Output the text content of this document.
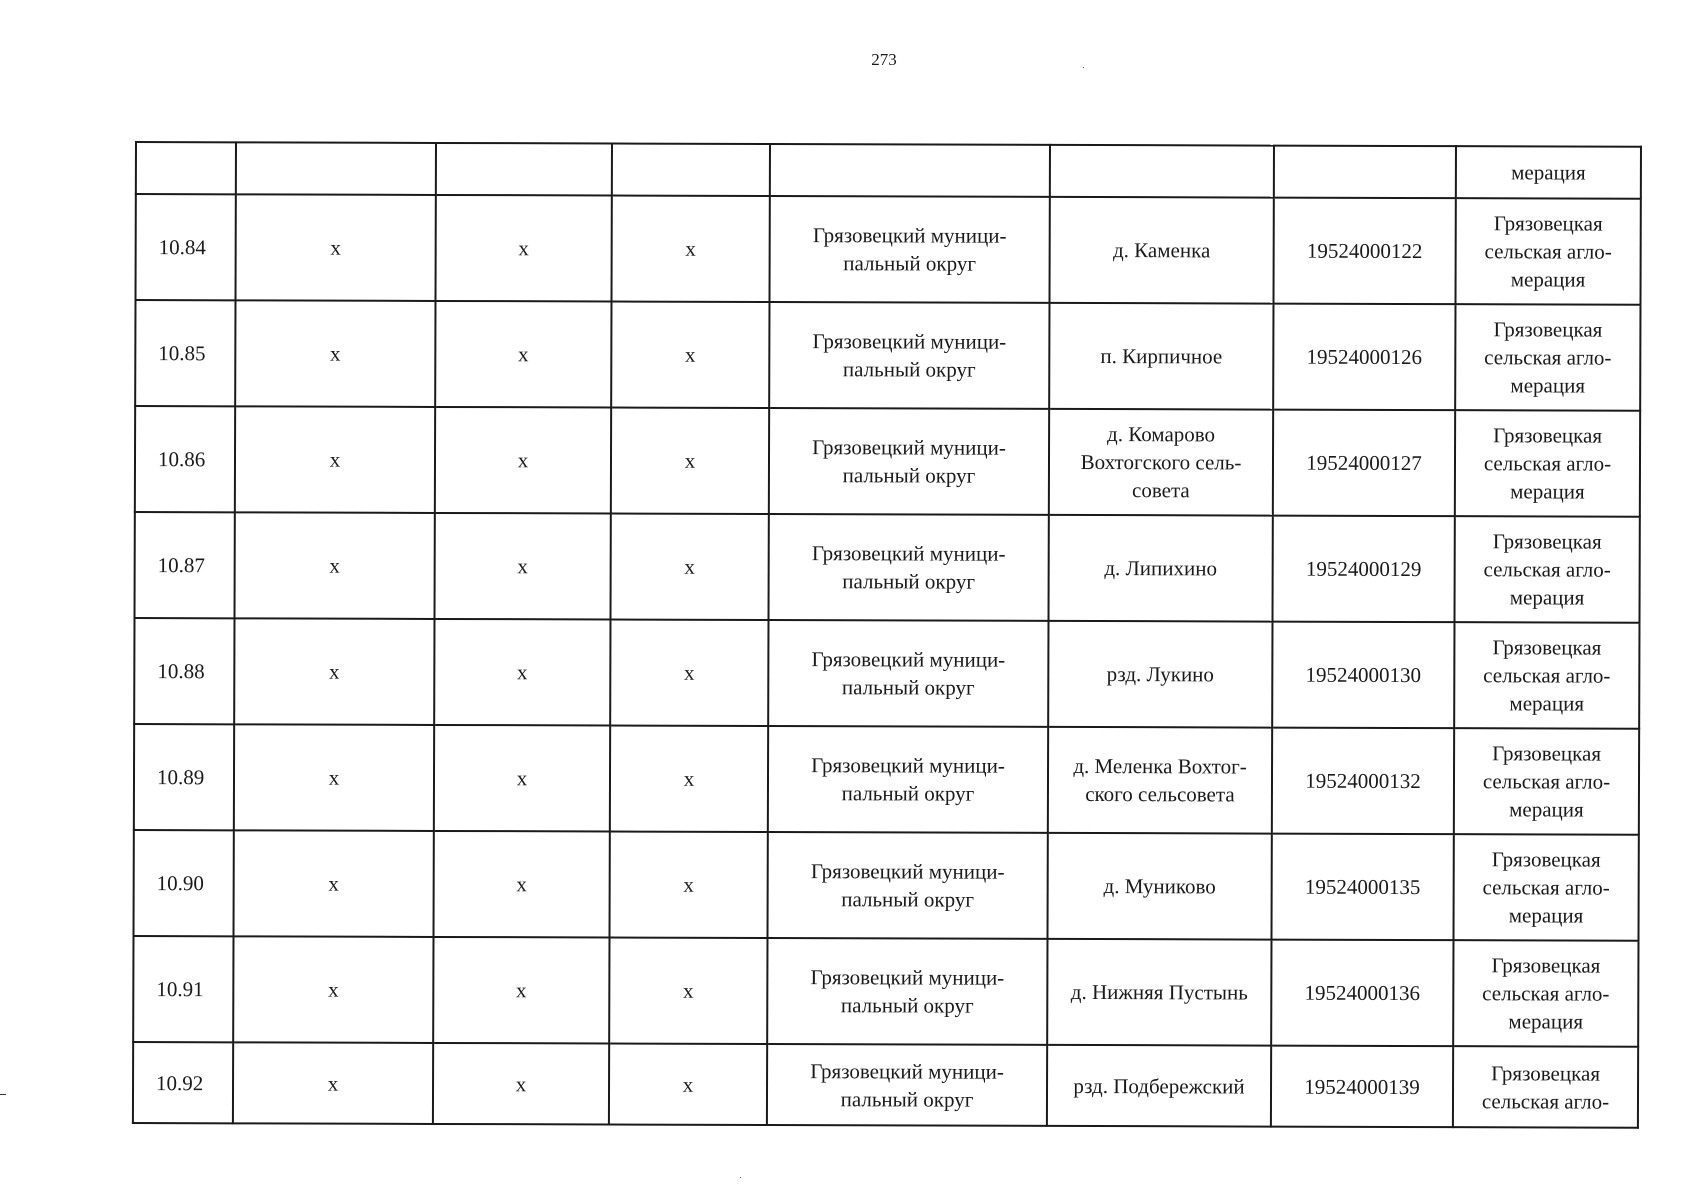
273
							мерация
10.84	х	х	х	Грязовецкий муници-
пальный округ	д. Каменка	19524000122	Грязовецкая
сельская агло-
мерация
10.85	х	х	х	Грязовецкий муници-
пальный округ	п. Кирпичное	19524000126	Грязовецкая
сельская агло-
мерация
10.86	х	х	х	Грязовецкий муници-
пальный округ	д. Комарово
Вохтогского сель-
совета	19524000127	Грязовецкая
сельская агло-
мерация
10.87	х	х	х	Грязовецкий муници-
пальный округ	д. Липихино	19524000129	Грязовецкая
сельская агло-
мерация
10.88	х	х	х	Грязовецкий муници-
пальный округ	рзд. Лукино	19524000130	Грязовецкая
сельская агло-
мерация
10.89	х	х	х	Грязовецкий муници-
пальный округ	д. Меленка Вохтог-
ского сельсовета	19524000132	Грязовецкая
сельская агло-
мерация
10.90	х	х	х	Грязовецкий муници-
пальный округ	д. Муниково	19524000135	Грязовецкая
сельская агло-
мерация
10.91	х	х	х	Грязовецкий муници-
пальный округ	д. Нижняя Пустынь	19524000136	Грязовецкая
сельская агло-
мерация
10.92	х	х	х	Грязовецкий муници-
пальный округ	рзд. Подбережский	19524000139	Грязовецкая
сельская агло-
